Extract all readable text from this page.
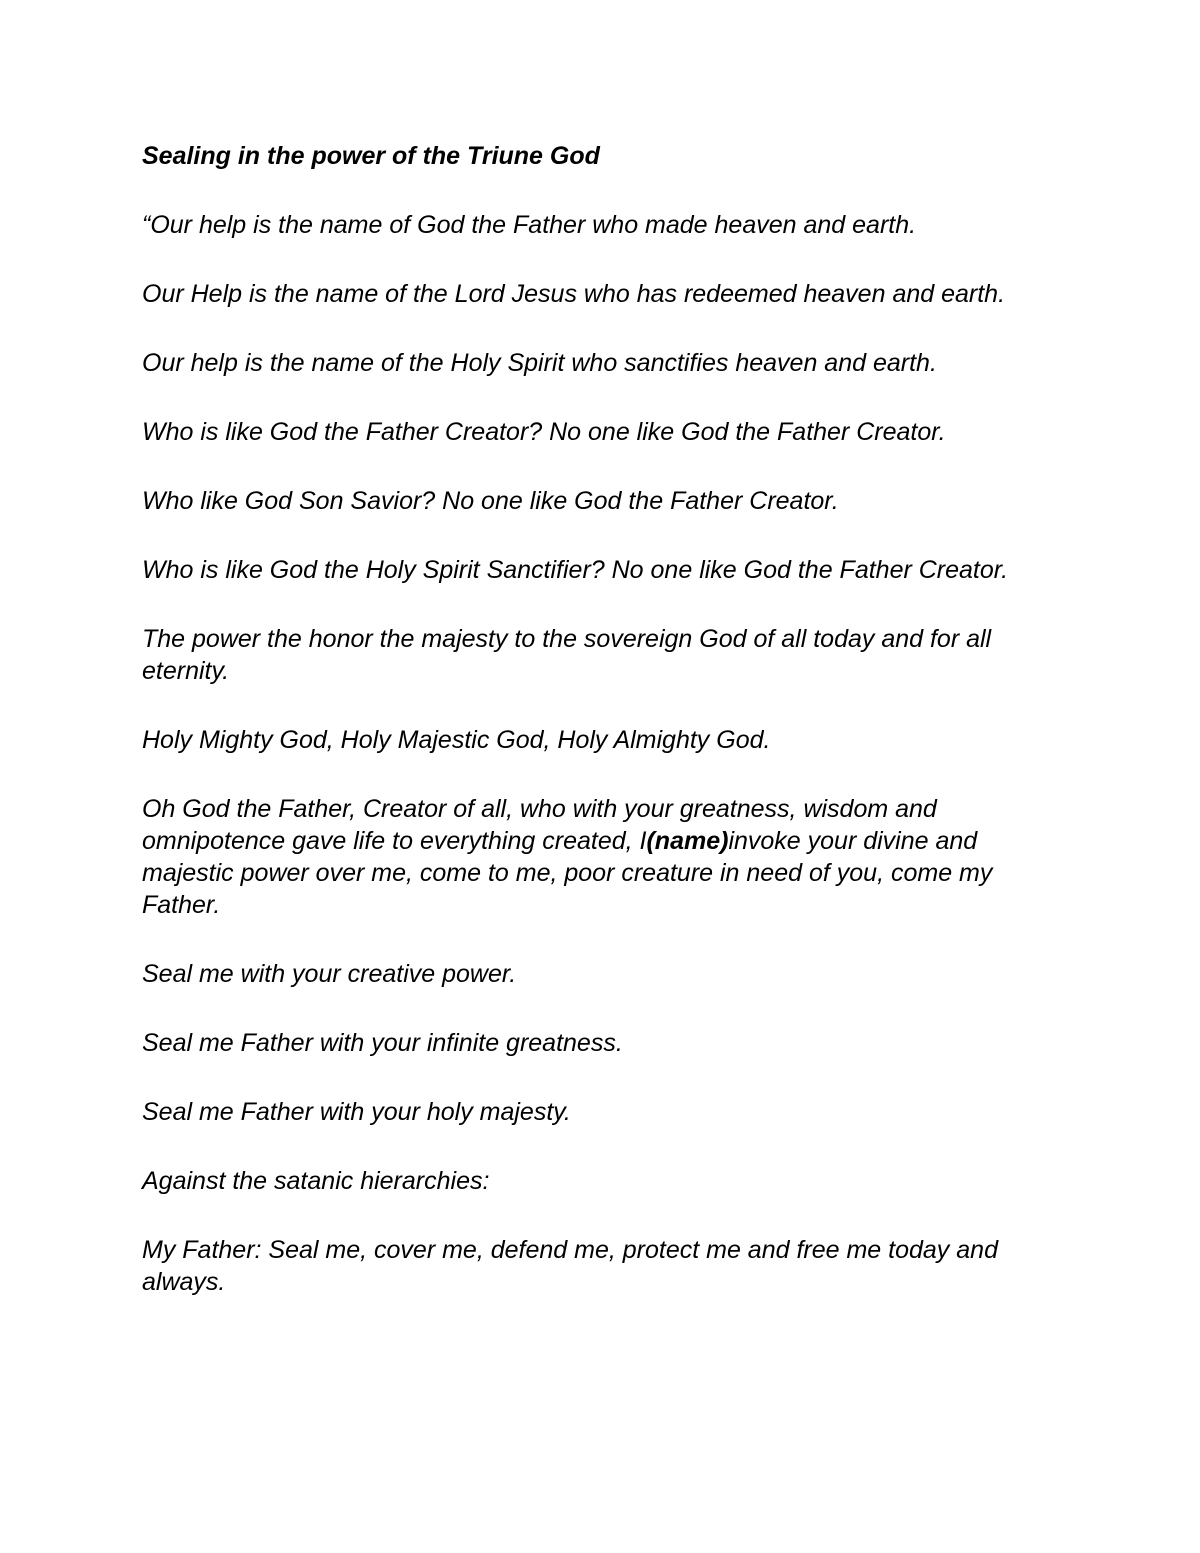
Sealing in the power of the Triune God

“Our help is the name of God the Father who made heaven and earth.

Our Help is the name of the Lord Jesus who has redeemed heaven and earth.

Our help is the name of the Holy Spirit who sanctifies heaven and earth.

Who is like God the Father Creator? No one like God the Father Creator.

Who like God Son Savior? No one like God the Father Creator.

Who is like God the Holy Spirit Sanctifier? No one like God the Father Creator.

The power the honor the majesty to the sovereign God of all today and for all eternity.

Holy Mighty God, Holy Majestic God, Holy Almighty God.

Oh God the Father, Creator of all, who with your greatness, wisdom and omnipotence gave life to everything created, I(name)invoke your divine and majestic power over me, come to me, poor creature in need of you, come my Father.

Seal me with your creative power.

Seal me Father with your infinite greatness.

Seal me Father with your holy majesty.

Against the satanic hierarchies:

My Father: Seal me, cover me, defend me, protect me and free me today and always.
